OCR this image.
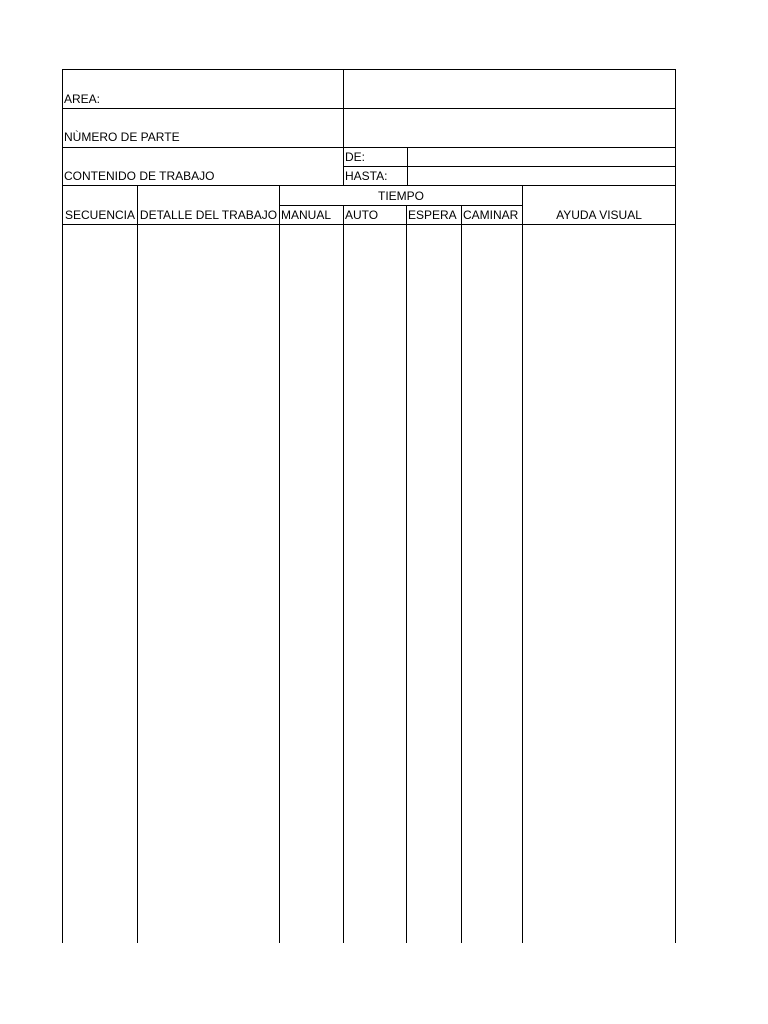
AREA:
NÙMERO DE PARTE
CONTENIDO DE TRABAJO
DE:
HASTA:
TIEMPO
SECUENCIA DETALLE DEL TRABAJO MANUAL AUTO ESPERA CAMINAR	AYUDA VISUAL
